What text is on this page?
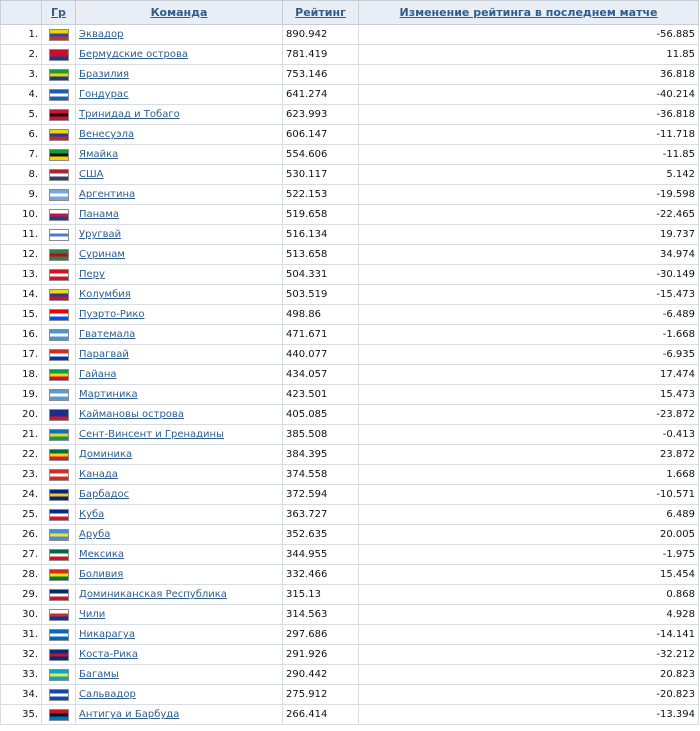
	Гр	Команда	Рейтинг	Изменение рейтинга в последнем матче
1.		Эквадор	890.942	-56.885
2.		Бермудские острова	781.419	11.85
3.		Бразилия	753.146	36.818
4.		Гондурас	641.274	-40.214
5.		Тринидад и Тобаго	623.993	-36.818
6.		Венесуэла	606.147	-11.718
7.		Ямайка	554.606	-11.85
8.		США	530.117	5.142
9.		Аргентина	522.153	-19.598
10.		Панама	519.658	-22.465
11.		Уругвай	516.134	19.737
12.		Суринам	513.658	34.974
13.		Перу	504.331	-30.149
14.		Колумбия	503.519	-15.473
15.		Пуэрто-Рико	498.86	-6.489
16.		Гватемала	471.671	-1.668
17.		Парагвай	440.077	-6.935
18.		Гайана	434.057	17.474
19.		Мартиника	423.501	15.473
20.		Каймановы острова	405.085	-23.872
21.		Сент-Винсент и Гренадины	385.508	-0.413
22.		Доминика	384.395	23.872
23.		Канада	374.558	1.668
24.		Барбадос	372.594	-10.571
25.		Куба	363.727	6.489
26.		Аруба	352.635	20.005
27.		Мексика	344.955	-1.975
28.		Боливия	332.466	15.454
29.		Доминиканская Республика	315.13	0.868
30.		Чили	314.563	4.928
31.		Никарагуа	297.686	-14.141
32.		Коста-Рика	291.926	-32.212
33.		Багамы	290.442	20.823
34.		Сальвадор	275.912	-20.823
35.		Антигуа и Барбуда	266.414	-13.394
